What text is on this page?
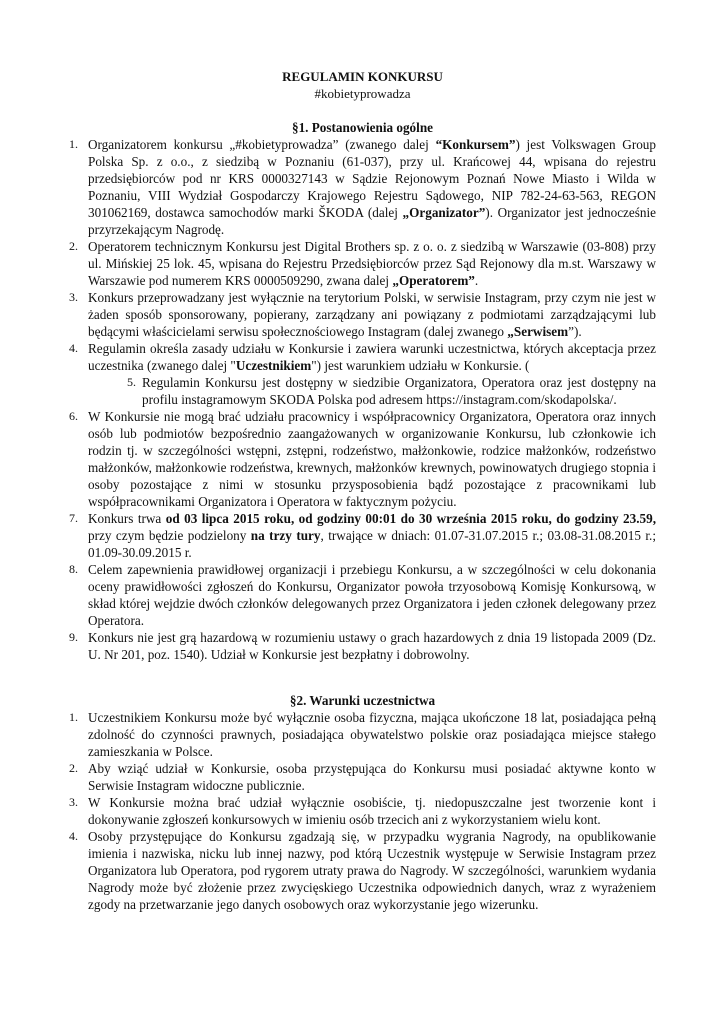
REGULAMIN KONKURSU
#kobietyprowadza
§1. Postanowienia ogólne
1. Organizatorem konkursu „#kobietyprowadza” (zwanego dalej “Konkursem”) jest Volkswagen Group Polska Sp. z o.o., z siedzibą w Poznaniu (61-037), przy ul. Krańcowej 44, wpisana do rejestru przedsiębiorców pod nr KRS 0000327143 w Sądzie Rejonowym Poznań Nowe Miasto i Wilda w Poznaniu, VIII Wydział Gospodarczy Krajowego Rejestru Sądowego, NIP 782-24-63-563, REGON 301062169, dostawca samochodów marki ŠKODA (dalej „Organizator”). Organizator jest jednocześnie przyrzekającym Nagrodę.
2. Operatorem technicznym Konkursu jest Digital Brothers sp. z o. o. z siedzibą w Warszawie (03-808) przy ul. Mińskiej 25 lok. 45, wpisana do Rejestru Przedsiębiorców przez Sąd Rejonowy dla m.st. Warszawy w Warszawie pod numerem KRS 0000509290, zwana dalej „Operatorem”.
3. Konkurs przeprowadzany jest wyłącznie na terytorium Polski, w serwisie Instagram, przy czym nie jest w żaden sposób sponsorowany, popierany, zarządzany ani powiązany z podmiotami zarządzającymi lub będącymi właścicielami serwisu społecznościowego Instagram (dalej zwanego „Serwisem”).
4. Regulamin określa zasady udziału w Konkursie i zawiera warunki uczestnictwa, których akceptacja przez uczestnika (zwanego dalej "Uczestnikiem") jest warunkiem udziału w Konkursie. (
5. Regulamin Konkursu jest dostępny w siedzibie Organizatora, Operatora oraz jest dostępny na profilu instagramowym SKODA Polska pod adresem https://instagram.com/skodapolska/.
6. W Konkursie nie mogą brać udziału pracownicy i współpracownicy Organizatora, Operatora oraz innych osób lub podmiotów bezpośrednio zaangażowanych w organizowanie Konkursu, lub członkowie ich rodzin tj. w szczególności wstępni, zstępni, rodzeństwo, małżonkowie, rodzice małżonków, rodzeństwo małżonków, małżonkowie rodzeństwa, krewnych, małżonków krewnych, powinowatych drugiego stopnia i osoby pozostające z nimi w stosunku przysposobienia bądź pozostające z pracownikami lub współpracownikami Organizatora i Operatora w faktycznym pożyciu.
7. Konkurs trwa od 03 lipca 2015 roku, od godziny 00:01 do 30 września 2015 roku, do godziny 23.59, przy czym będzie podzielony na trzy tury, trwające w dniach: 01.07-31.07.2015 r.; 03.08-31.08.2015 r.; 01.09-30.09.2015 r.
8. Celem zapewnienia prawidłowej organizacji i przebiegu Konkursu, a w szczególności w celu dokonania oceny prawidłowości zgłoszeń do Konkursu, Organizator powoła trzyosobową Komisję Konkursową, w skład której wejdzie dwóch członków delegowanych przez Organizatora i jeden członek delegowany przez Operatora.
9. Konkurs nie jest grą hazardową w rozumieniu ustawy o grach hazardowych z dnia 19 listopada 2009 (Dz. U. Nr 201, poz. 1540). Udział w Konkursie jest bezpłatny i dobrowolny.
§2. Warunki uczestnictwa
1. Uczestnikiem Konkursu może być wyłącznie osoba fizyczna, mająca ukończone 18 lat, posiadająca pełną zdolność do czynności prawnych, posiadająca obywatelstwo polskie oraz posiadająca miejsce stałego zamieszkania w Polsce.
2. Aby wziąć udział w Konkursie, osoba przystępująca do Konkursu musi posiadać aktywne konto w Serwisie Instagram widoczne publicznie.
3. W Konkursie można brać udział wyłącznie osobiście, tj. niedopuszczalne jest tworzenie kont i dokonywanie zgłoszeń konkursowych w imieniu osób trzecich ani z wykorzystaniem wielu kont.
4. Osoby przystępujące do Konkursu zgadzają się, w przypadku wygrania Nagrody, na opublikowanie imienia i nazwiska, nicku lub innej nazwy, pod którą Uczestnik występuje w Serwisie Instagram przez Organizatora lub Operatora, pod rygorem utraty prawa do Nagrody. W szczególności, warunkiem wydania Nagrody może być złożenie przez zwycięskiego Uczestnika odpowiednich danych, wraz z wyrażeniem zgody na przetwarzanie jego danych osobowych oraz wykorzystanie jego wizerunku.
